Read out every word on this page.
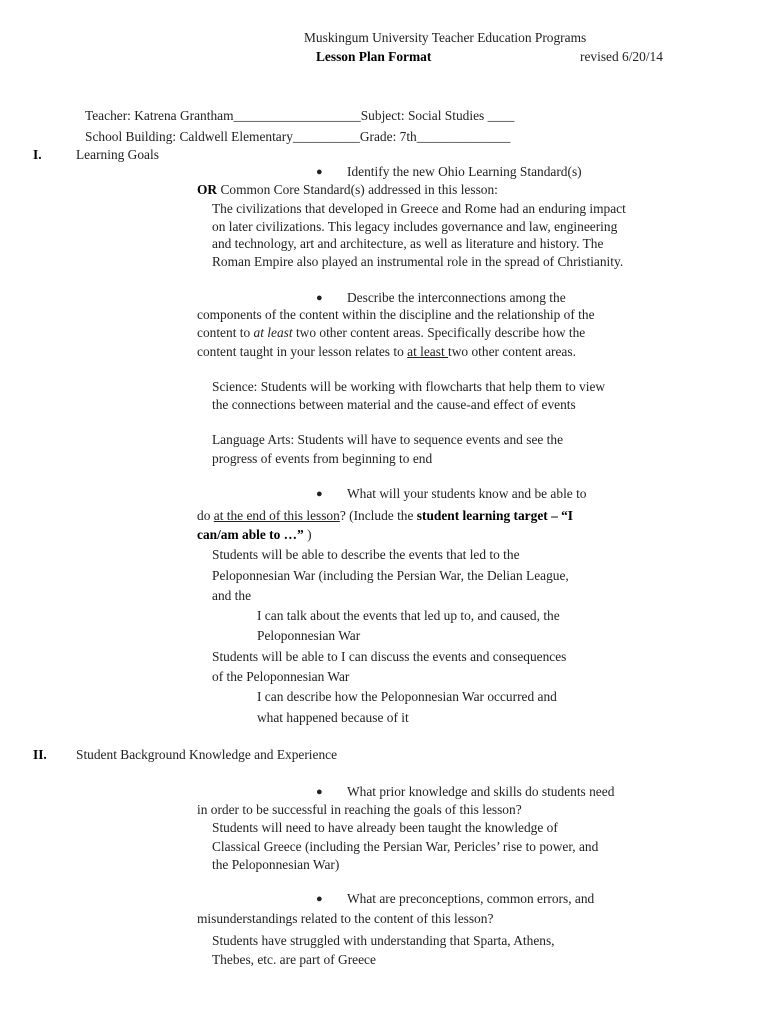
Muskingum University Teacher Education Programs
Lesson Plan Format	revised 6/20/14
Teacher: Katrena Grantham___________________Subject: Social Studies ____
School Building: Caldwell Elementary__________Grade: 7th______________
I.	Learning Goals
● Identify the new Ohio Learning Standard(s)
OR Common Core Standard(s) addressed in this lesson:
The civilizations that developed in Greece and Rome had an enduring impact
on later civilizations. This legacy includes governance and law, engineering
and technology, art and architecture, as well as literature and history. The
Roman Empire also played an instrumental role in the spread of Christianity.
● Describe the interconnections among the
components of the content within the discipline and the relationship of the
content to at least two other content areas. Specifically describe how the
content taught in your lesson relates to at least two other content areas.
Science: Students will be working with flowcharts that help them to view
the connections between material and the cause-and effect of events
Language Arts: Students will have to sequence events and see the
progress of events from beginning to end
● What will your students know and be able to
do at the end of this lesson? (Include the student learning target – “I
can/am able to …” )
Students will be able to describe the events that led to the
Peloponnesian War (including the Persian War, the Delian League,
and the
I can talk about the events that led up to, and caused, the
Peloponnesian War
Students will be able to I can discuss the events and consequences
of the Peloponnesian War
I can describe how the Peloponnesian War occurred and
what happened because of it
II. Student Background Knowledge and Experience
● What prior knowledge and skills do students need
in order to be successful in reaching the goals of this lesson?
Students will need to have already been taught the knowledge of
Classical Greece (including the Persian War, Pericles’ rise to power, and
the Peloponnesian War)
● What are preconceptions, common errors, and
misunderstandings related to the content of this lesson?
Students have struggled with understanding that Sparta, Athens,
Thebes, etc. are part of Greece
